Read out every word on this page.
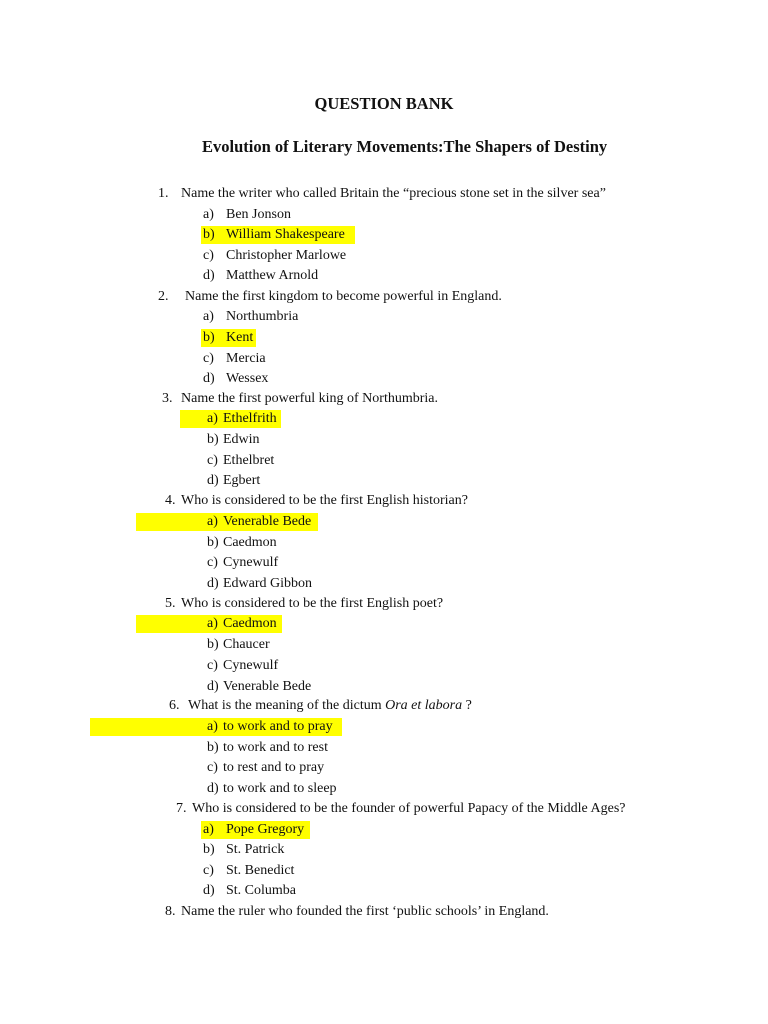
QUESTION BANK
Evolution of Literary Movements:The Shapers of Destiny
1. Name the writer who called Britain the “precious stone set in the silver sea”
a) Ben Jonson
b) William Shakespeare
c) Christopher Marlowe
d) Matthew Arnold
2. Name the first kingdom to become powerful in England.
a) Northumbria
b) Kent
c) Mercia
d) Wessex
3. Name the first powerful king of Northumbria.
a) Ethelfrith
b) Edwin
c) Ethelbret
d) Egbert
4. Who is considered to be the first English historian?
a) Venerable Bede
b) Caedmon
c) Cynewulf
d) Edward Gibbon
5. Who is considered to be the first English poet?
a) Caedmon
b) Chaucer
c) Cynewulf
d) Venerable Bede
6. What is the meaning of the dictum Ora et labora ?
a) to work and to pray
b) to work and to rest
c) to rest and to pray
d) to work and to sleep
7. Who is considered to be the founder of powerful Papacy of the Middle Ages?
a) Pope Gregory
b) St. Patrick
c) St. Benedict
d) St. Columba
8. Name the ruler who founded the first ‘public schools’ in England.
